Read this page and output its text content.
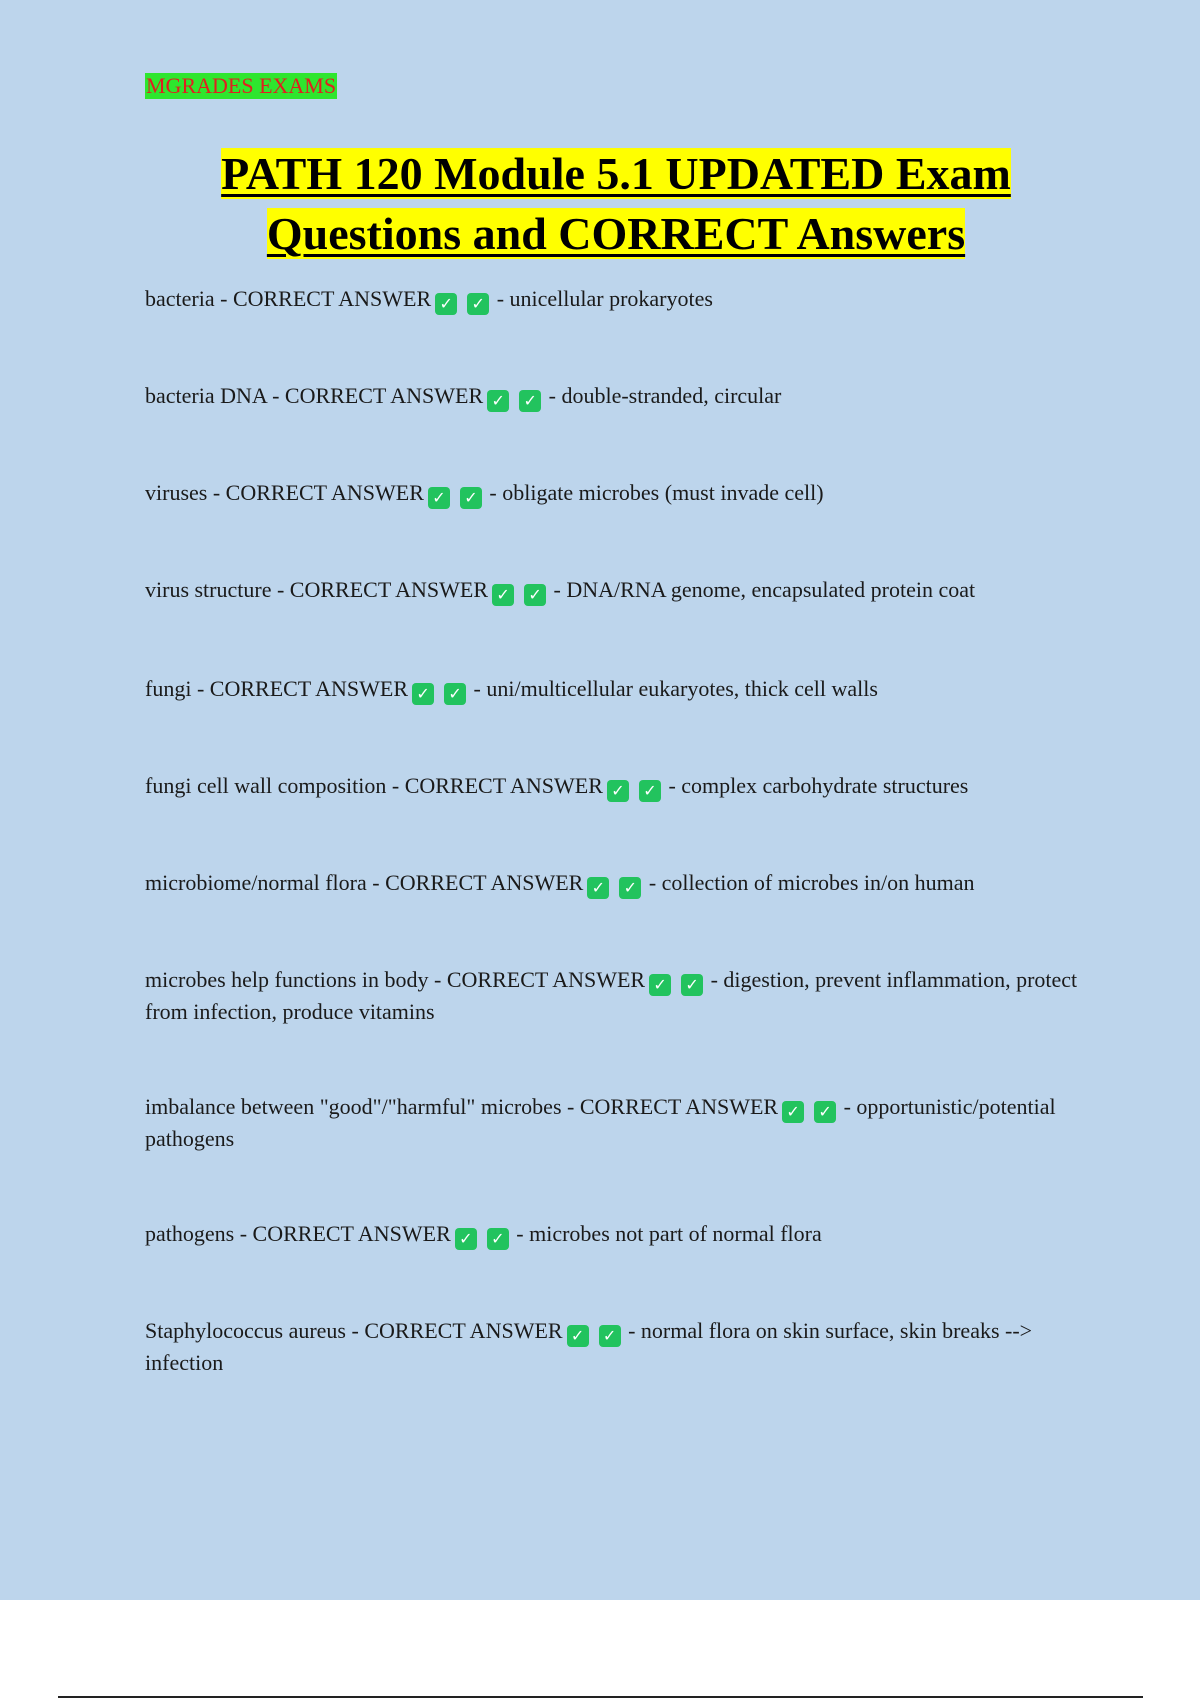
MGRADES EXAMS
PATH 120 Module 5.1 UPDATED Exam
Questions and CORRECT Answers
bacteria - CORRECT ANSWER ✓ ✓ - unicellular prokaryotes
bacteria DNA - CORRECT ANSWER ✓ ✓ - double-stranded, circular
viruses - CORRECT ANSWER ✓ ✓ - obligate microbes (must invade cell)
virus structure - CORRECT ANSWER ✓ ✓ - DNA/RNA genome, encapsulated protein coat
fungi - CORRECT ANSWER ✓ ✓ - uni/multicellular eukaryotes, thick cell walls
fungi cell wall composition - CORRECT ANSWER ✓ ✓ - complex carbohydrate structures
microbiome/normal flora - CORRECT ANSWER ✓ ✓ - collection of microbes in/on human
microbes help functions in body - CORRECT ANSWER ✓ ✓ - digestion, prevent inflammation, protect from infection, produce vitamins
imbalance between "good"/"harmful" microbes - CORRECT ANSWER ✓ ✓ - opportunistic/potential pathogens
pathogens - CORRECT ANSWER ✓ ✓ - microbes not part of normal flora
Staphylococcus aureus - CORRECT ANSWER ✓ ✓ - normal flora on skin surface, skin breaks --> infection
